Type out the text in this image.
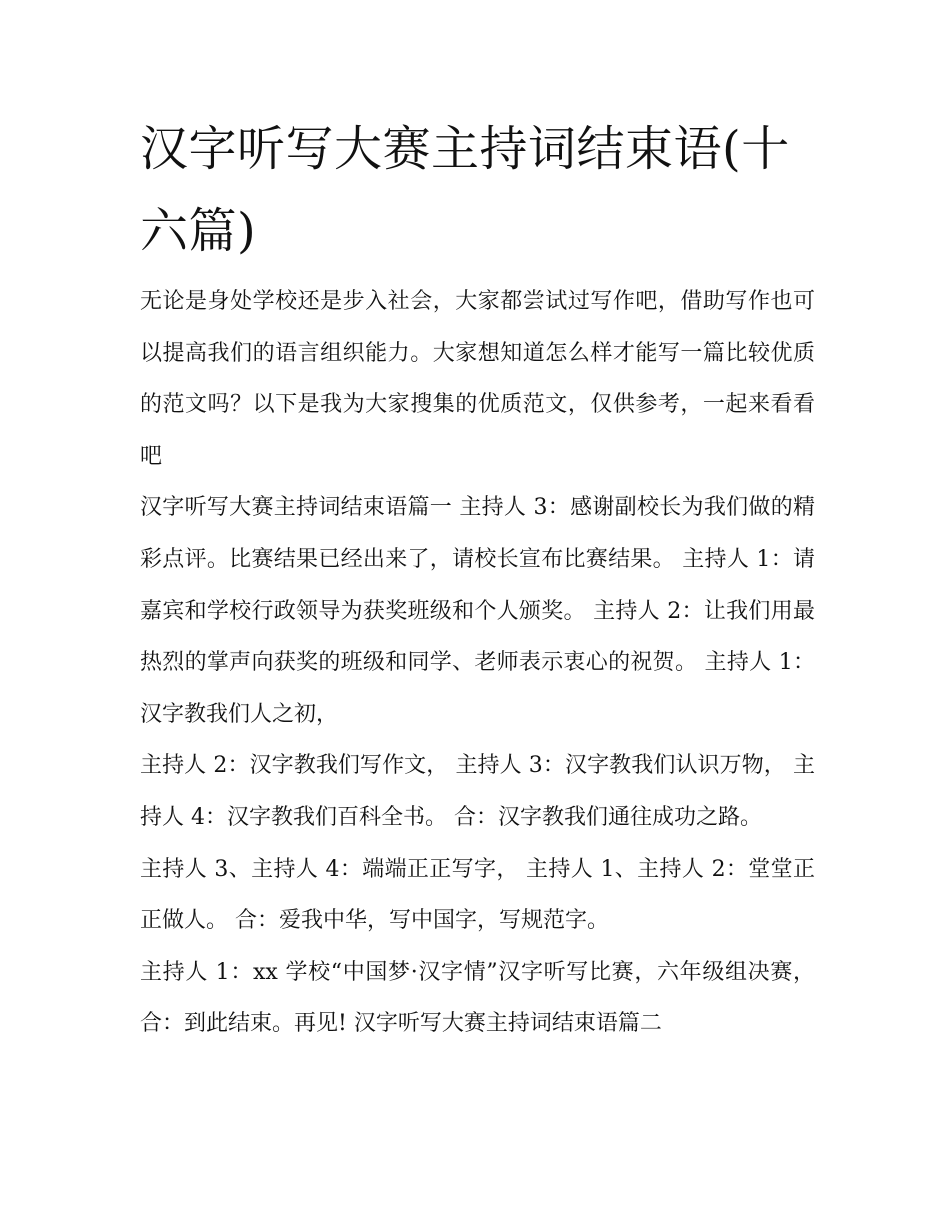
汉字听写大赛主持词结束语(十六篇)

无论是身处学校还是步入社会，大家都尝试过写作吧，借助写作也可以提高我们的语言组织能力。大家想知道怎么样才能写一篇比较优质的范文吗？以下是我为大家搜集的优质范文，仅供参考，一起来看看吧

汉字听写大赛主持词结束语篇一 主持人 3：感谢副校长为我们做的精彩点评。比赛结果已经出来了，请校长宣布比赛结果。 主持人 1：请嘉宾和学校行政领导为获奖班级和个人颁奖。 主持人 2：让我们用最热烈的掌声向获奖的班级和同学、老师表示衷心的祝贺。 主持人 1：汉字教我们人之初，

主持人 2：汉字教我们写作文， 主持人 3：汉字教我们认识万物， 主持人 4：汉字教我们百科全书。 合：汉字教我们通往成功之路。

主持人 3、主持人 4：端端正正写字， 主持人 1、主持人 2：堂堂正正做人。 合：爱我中华，写中国字，写规范字。

主持人 1：xx 学校“中国梦·汉字情”汉字听写比赛，六年级组决赛， 合：到此结束。再见! 汉字听写大赛主持词结束语篇二
